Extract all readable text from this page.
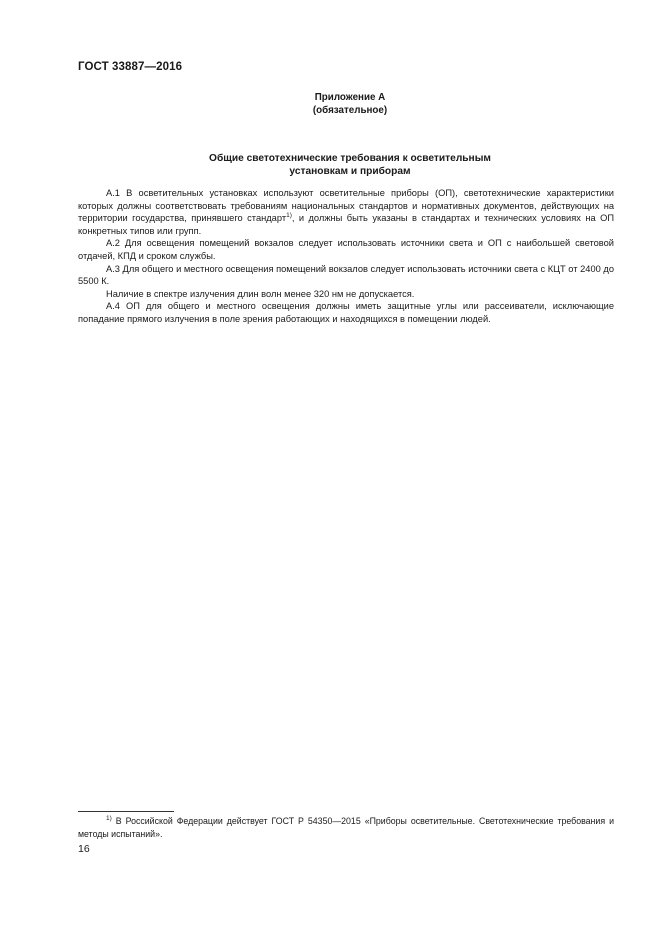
ГОСТ 33887—2016
Приложение А
(обязательное)
Общие светотехнические требования к осветительным
установкам и приборам

А.1 В осветительных установках используют осветительные приборы (ОП), светотехнические характеристики которых должны соответствовать требованиям национальных стандартов и нормативных документов, действующих на территории государства, принявшего стандарт$^{1)}$, и должны быть указаны в стандартах и технических условиях на ОП конкретных типов или групп.

А.2 Для освещения помещений вокзалов следует использовать источники света и ОП с наибольшей световой отдачей, КПД и сроком службы.

А.3 Для общего и местного освещения помещений вокзалов следует использовать источники света с КЦТ от 2400 до 5500 К.

Наличие в спектре излучения длин волн менее 320 нм не допускается.

А.4 ОП для общего и местного освещения должны иметь защитные углы или рассеиватели, исключающие попадание прямого излучения в поле зрения работающих и находящихся в помещении людей.

$^{1)}$ В Российской Федерации действует ГОСТ Р 54350—2015 «Приборы осветительные. Светотехнические требования и методы испытаний».

16
